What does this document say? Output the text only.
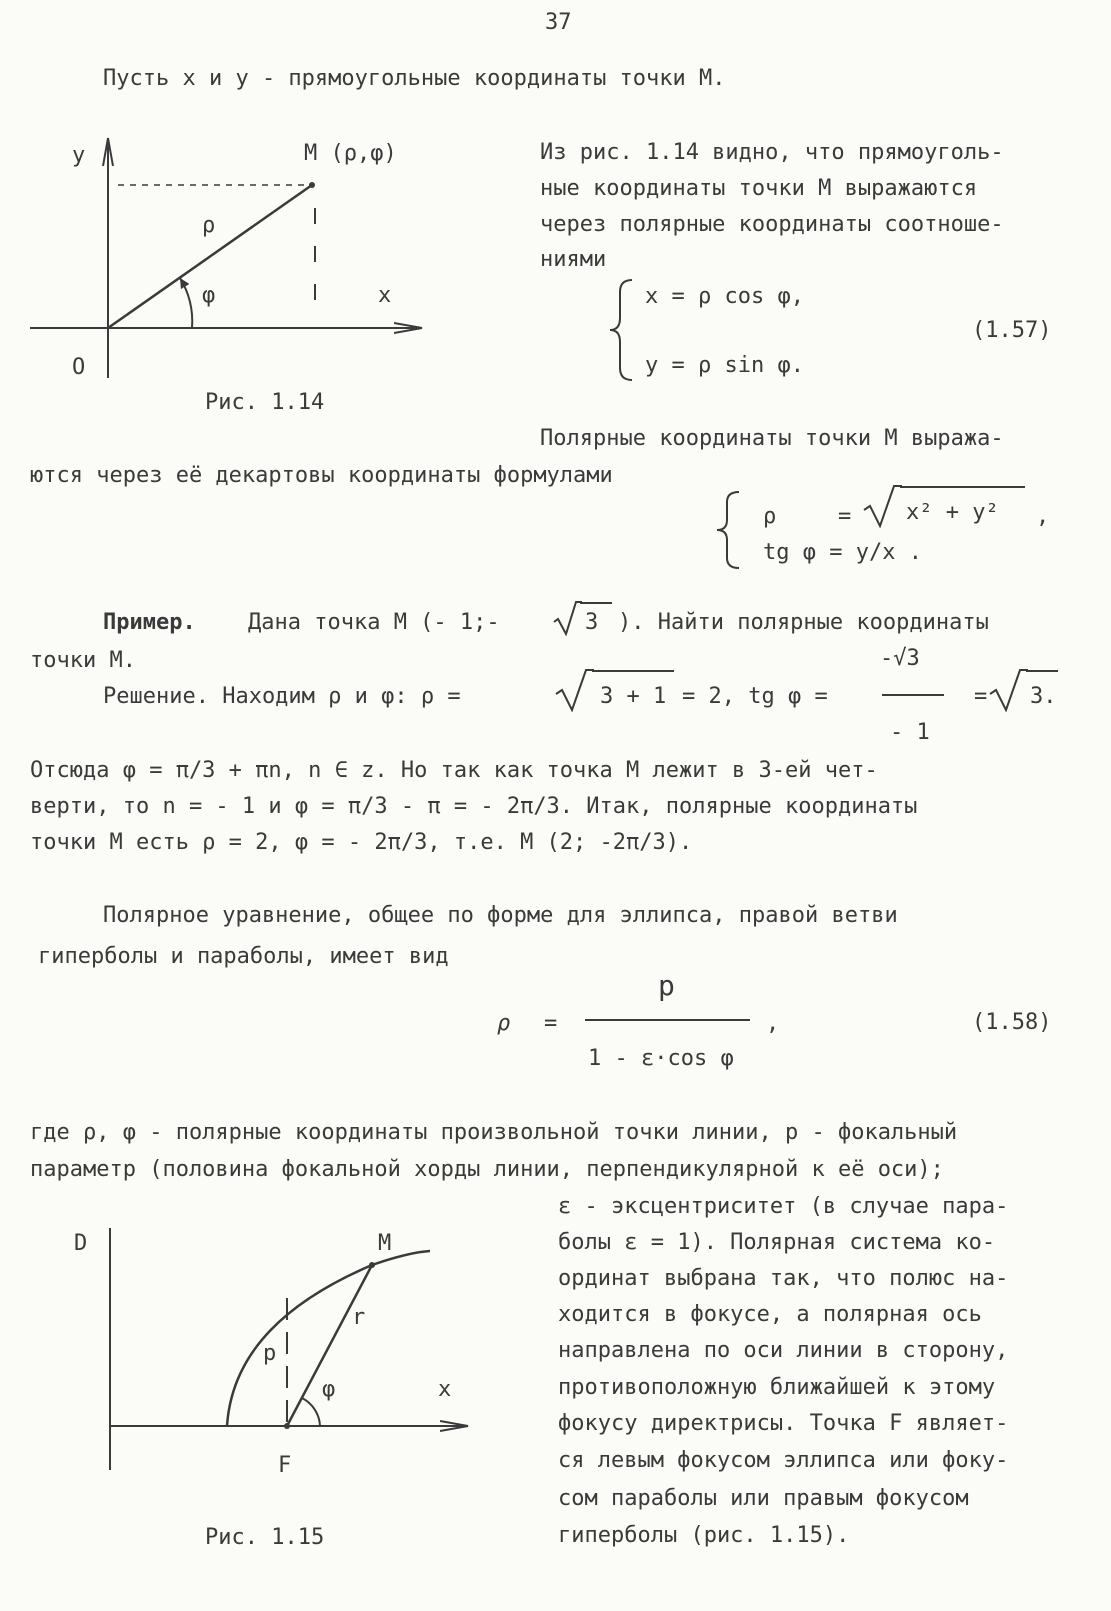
37
Пусть x и y - прямоугольные координаты точки M.
y	M (ρ,φ)
ρ
φ	x
O
Рис. 1.14
Из рис. 1.14 видно, что прямоуголь-
ные координаты точки M выражаются
через полярные координаты соотноше-
ниями
x = ρ cos φ,
y = ρ sin φ.
(1.57)
Полярные координаты точки M выража-
ются через её декартовы координаты формулами
ρ	= x² + y² ,
tg φ = y/x .
Пример. Дана точка M (- 1;-	3 ). Найти полярные координаты
точки M.
Решение. Находим ρ и φ: ρ =	3 + 1 = 2, tg φ =
-√3
- 1
= 3.
Отсюда φ = π/3 + πn, n ∈ z. Но так как точка M лежит в 3-ей чет-
верти, то n = - 1 и φ = π/3 - π = - 2π/3. Итак, полярные координаты
точки M есть ρ = 2, φ = - 2π/3, т.е. M (2; -2π/3).
Полярное уравнение, общее по форме для эллипса, правой ветви
гиперболы и параболы, имеет вид
ρ =
p
1 - ε·cos φ
,	(1.58)
где ρ, φ - полярные координаты произвольной точки линии, p - фокальный
параметр (половина фокальной хорды линии, перпендикулярной к её оси);
ε - эксцентриситет (в случае пара-
болы ε = 1). Полярная система ко-
ординат выбрана так, что полюс на-
ходится в фокусе, а полярная ось
направлена по оси линии в сторону,
противоположную ближайшей к этому
фокусу директрисы. Точка F являет-
ся левым фокусом эллипса или фоку-
сом параболы или правым фокусом
гиперболы (рис. 1.15).
D	M
r
p
φ	x
F
Рис. 1.15
